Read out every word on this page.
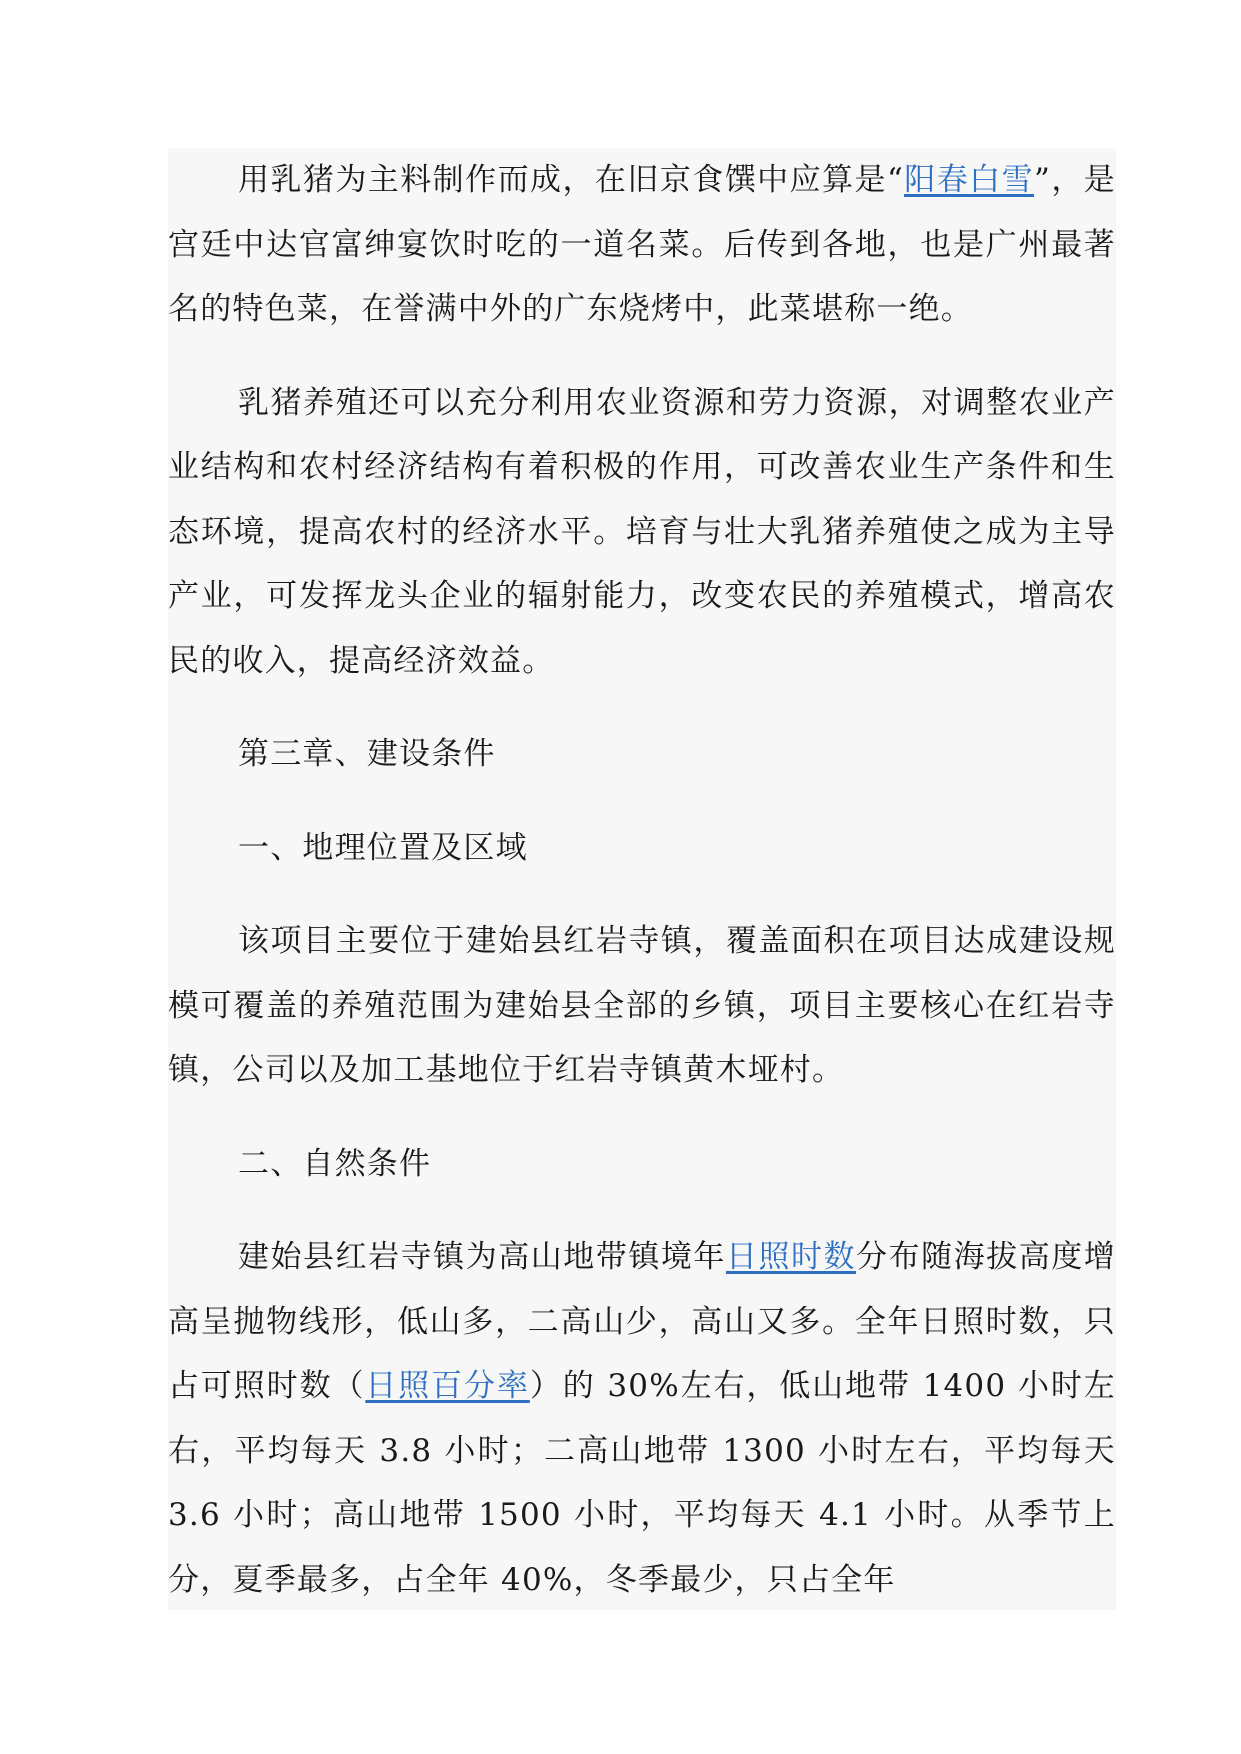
用乳猪为主料制作而成，在旧京食馔中应算是“阳春白雪”，是宫廷中达官富绅宴饮时吃的一道名菜。后传到各地，也是广州最著名的特色菜，在誉满中外的广东烧烤中，此菜堪称一绝。

乳猪养殖还可以充分利用农业资源和劳力资源，对调整农业产业结构和农村经济结构有着积极的作用，可改善农业生产条件和生态环境，提高农村的经济水平。培育与壮大乳猪养殖使之成为主导产业，可发挥龙头企业的辐射能力，改变农民的养殖模式，增高农民的收入，提高经济效益。

第三章、建设条件

一、地理位置及区域

该项目主要位于建始县红岩寺镇，覆盖面积在项目达成建设规模可覆盖的养殖范围为建始县全部的乡镇，项目主要核心在红岩寺镇，公司以及加工基地位于红岩寺镇黄木垭村。

二、自然条件

建始县红岩寺镇为高山地带镇境年日照时数分布随海拔高度增高呈抛物线形，低山多，二高山少，高山又多。全年日照时数，只占可照时数（日照百分率）的 30%左右，低山地带 1400 小时左右，平均每天 3.8 小时；二高山地带 1300 小时左右，平均每天 3.6 小时；高山地带 1500 小时，平均每天 4.1 小时。从季节上分，夏季最多，占全年 40%，冬季最少，只占全年
